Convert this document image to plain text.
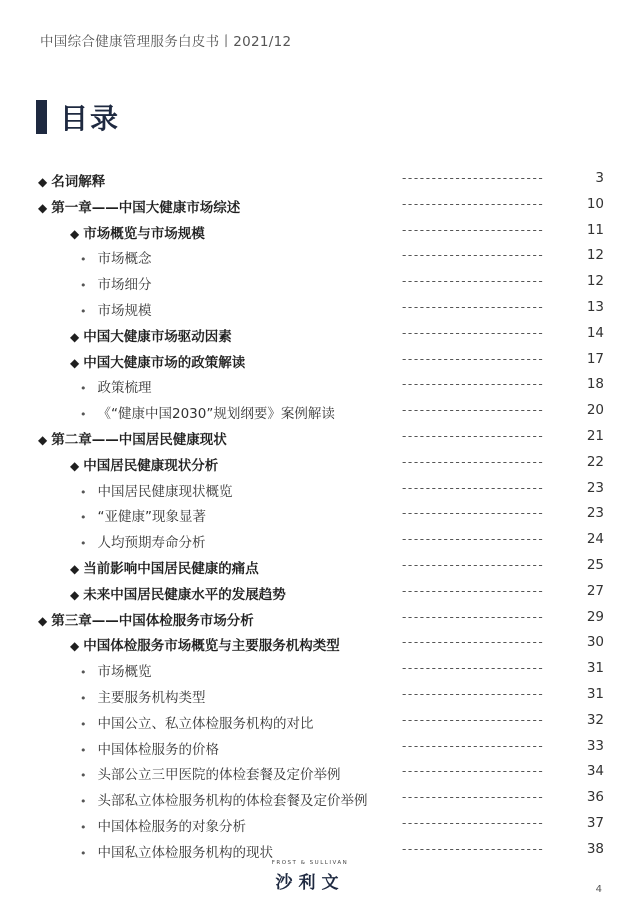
中国综合健康管理服务白皮书丨2021/12
目录
◆ 名词解释	------------------------	3
◆ 第一章——中国大健康市场综述	------------------------	10
◆ 市场概览与市场规模	------------------------	11
• 市场概念	------------------------	12
• 市场细分	------------------------	12
• 市场规模	------------------------	13
◆ 中国大健康市场驱动因素	------------------------	14
◆ 中国大健康市场的政策解读	------------------------	17
• 政策梳理	------------------------	18
• 《“健康中国2030”规划纲要》案例解读	------------------------	20
◆ 第二章——中国居民健康现状	------------------------	21
◆ 中国居民健康现状分析	------------------------	22
• 中国居民健康现状概览	------------------------	23
• “亚健康”现象显著	------------------------	23
• 人均预期寿命分析	------------------------	24
◆ 当前影响中国居民健康的痛点	------------------------	25
◆ 未来中国居民健康水平的发展趋势	------------------------	27
◆ 第三章——中国体检服务市场分析	------------------------	29
◆ 中国体检服务市场概览与主要服务机构类型	------------------------	30
• 市场概览	------------------------	31
• 主要服务机构类型	------------------------	31
• 中国公立、私立体检服务机构的对比	------------------------	32
• 中国体检服务的价格	------------------------	33
• 头部公立三甲医院的体检套餐及定价举例	------------------------	34
• 头部私立体检服务机构的体检套餐及定价举例	------------------------	36
• 中国体检服务的对象分析	------------------------	37
• 中国私立体检服务机构的现状	------------------------	38
FROST & SULLIVAN
沙利文	4
